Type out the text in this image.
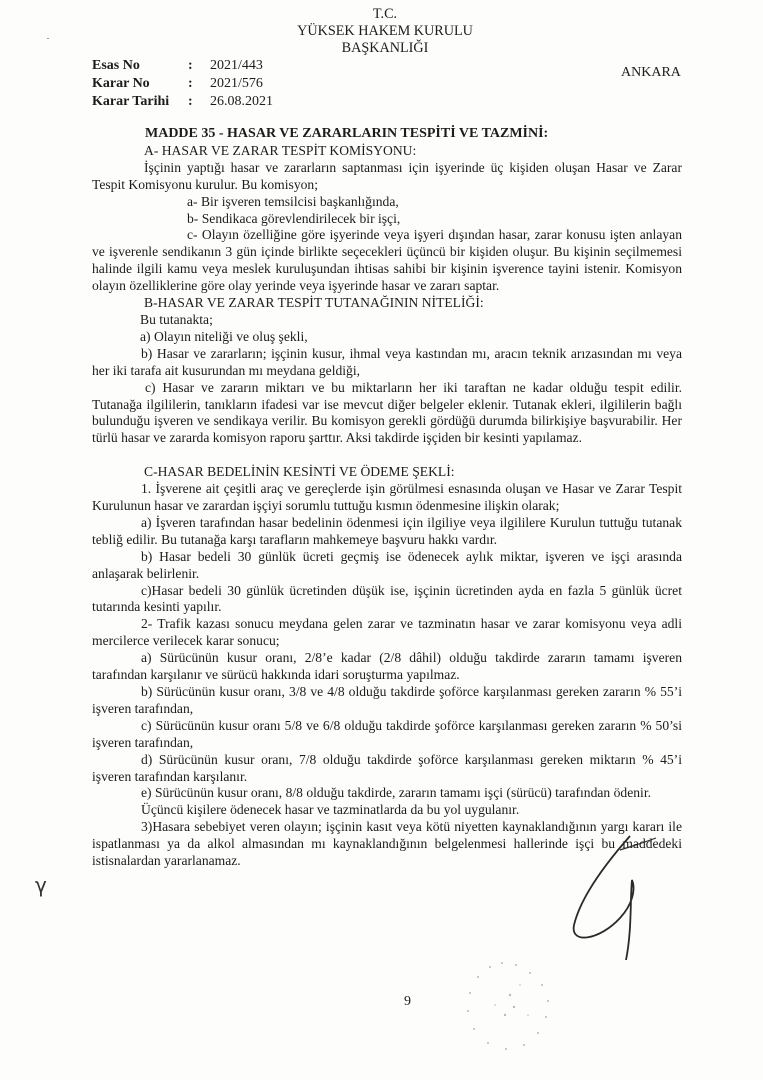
T.C.
YÜKSEK HAKEM KURULU
BAŞKANLIĞI
ANKARA
Esas No	:	2021/443
Karar No	:	2021/576
Karar Tarihi	:	26.08.2021

MADDE 35 - HASAR VE ZARARLARIN TESPİTİ VE TAZMİNİ:

A- HASAR VE ZARAR TESPİT KOMİSYONU:

İşçinin yaptığı hasar ve zararların saptanması için işyerinde üç kişiden oluşan Hasar ve Zarar Tespit Komisyonu kurulur. Bu komisyon;

a- Bir işveren temsilcisi başkanlığında,

b- Sendikaca görevlendirilecek bir işçi,

c- Olayın özelliğine göre işyerinde veya işyeri dışından hasar, zarar konusu işten anlayan ve işverenle sendikanın 3 gün içinde birlikte seçecekleri üçüncü bir kişiden oluşur. Bu kişinin seçilmemesi halinde ilgili kamu veya meslek kuruluşundan ihtisas sahibi bir kişinin işverence tayini istenir. Komisyon olayın özelliklerine göre olay yerinde veya işyerinde hasar ve zararı saptar.

B-HASAR VE ZARAR TESPİT TUTANAĞININ NİTELİĞİ:

Bu tutanakta;

a) Olayın niteliği ve oluş şekli,

b) Hasar ve zararların; işçinin kusur, ihmal veya kastından mı, aracın teknik arızasından mı veya her iki tarafa ait kusurundan mı meydana geldiği,

c) Hasar ve zararın miktarı ve bu miktarların her iki taraftan ne kadar olduğu tespit edilir. Tutanağa ilgililerin, tanıkların ifadesi var ise mevcut diğer belgeler eklenir. Tutanak ekleri, ilgililerin bağlı bulunduğu işveren ve sendikaya verilir. Bu komisyon gerekli gördüğü durumda bilirkişiye başvurabilir. Her türlü hasar ve zararda komisyon raporu şarttır. Aksi takdirde işçiden bir kesinti yapılamaz.

C-HASAR BEDELİNİN KESİNTİ VE ÖDEME ŞEKLİ:

1. İşverene ait çeşitli araç ve gereçlerde işin görülmesi esnasında oluşan ve Hasar ve Zarar Tespit Kurulunun hasar ve zarardan işçiyi sorumlu tuttuğu kısmın ödenmesine ilişkin olarak;

a) İşveren tarafından hasar bedelinin ödenmesi için ilgiliye veya ilgililere Kurulun tuttuğu tutanak tebliğ edilir. Bu tutanağa karşı tarafların mahkemeye başvuru hakkı vardır.

b) Hasar bedeli 30 günlük ücreti geçmiş ise ödenecek aylık miktar, işveren ve işçi arasında anlaşarak belirlenir.

c)Hasar bedeli 30 günlük ücretinden düşük ise, işçinin ücretinden ayda en fazla 5 günlük ücret tutarında kesinti yapılır.

2- Trafik kazası sonucu meydana gelen zarar ve tazminatın hasar ve zarar komisyonu veya adli mercilerce verilecek karar sonucu;

a) Sürücünün kusur oranı, 2/8’e kadar (2/8 dâhil) olduğu takdirde zararın tamamı işveren tarafından karşılanır ve sürücü hakkında idari soruşturma yapılmaz.

b) Sürücünün kusur oranı, 3/8 ve 4/8 olduğu takdirde şoförce karşılanması gereken zararın % 55’i işveren tarafından,

c) Sürücünün kusur oranı 5/8 ve 6/8 olduğu takdirde şoförce karşılanması gereken zararın % 50’si işveren tarafından,

d) Sürücünün kusur oranı, 7/8 olduğu takdirde şoförce karşılanması gereken miktarın % 45’i işveren tarafından karşılanır.

e) Sürücünün kusur oranı, 8/8 olduğu takdirde, zararın tamamı işçi (sürücü) tarafından ödenir.

Üçüncü kişilere ödenecek hasar ve tazminatlarda da bu yol uygulanır.

3)Hasara sebebiyet veren olayın; işçinin kasıt veya kötü niyetten kaynaklandığının yargı kararı ile ispatlanması ya da alkol almasından mı kaynaklandığının belgelenmesi hallerinde işçi bu maddedeki istisnalardan yararlanamaz.

γ
9
